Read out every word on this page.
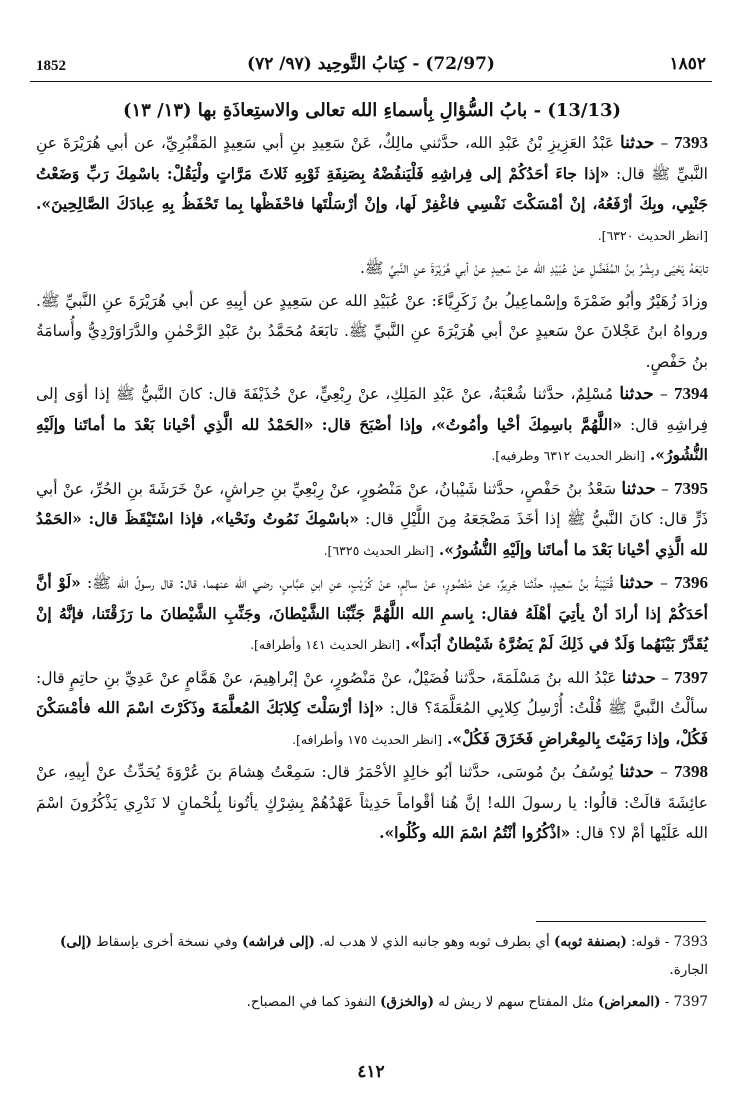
1852	(72/97) - كِتابُ التَّوحِيد (٩٧/ ٧٢)	١٨٥٢
(13/13) - بابُ السُّؤالِ بِأسماءِ الله تعالى والاستِعاذَةِ بها (١٣/ ١٣)

7393 – حدثنا عَبْدُ العَزِيزِ بْنُ عَبْدِ الله، حدَّثني مالِكٌ، عَنْ سَعِيدِ بنِ أبي سَعِيدٍ المَقْبُرِيِّ، عن أبي هُرَيْرَةَ عنِ النَّبيِّ ﷺ قال: «إذا جاءَ أحَدُكُمْ إلى فِراشِهِ فَلْيَنفُضْهُ بِصَنِفَةِ ثَوْبِهِ ثَلاثَ مَرَّاتٍ ولْيَقُلْ: باسْمِكَ رَبِّ وَضَعْتُ جَنْبِي، وبِكَ أرْفَعُهُ، إنْ أمْسَكْتَ نَفْسِي فاغْفِرْ لَها، وإنْ أرْسَلْتَها فاحْفَظْها بِما تَحْفَظُ بِهِ عِبادَكَ الصَّالِحِينَ». [انظر الحديث ٦٣٢٠].

تابَعَهُ يَحْيَى وبِشْرُ بنُ المُفَضَّلِ عنْ عُبَيْدِ الله عنْ سَعِيدٍ عنْ أبي هُرَيْرَةَ عنِ النَّبيِّ ﷺ.

وزادَ زُهَيْرٌ وأبُو ضَمْرَةَ وإسْماعِيلُ بنُ زَكَرِيَّاءَ: عنْ عُبَيْدِ الله عن سَعِيدٍ عن أبِيهِ عن أبي هُرَيْرَةَ عنِ النَّبيِّ ﷺ. ورواهُ ابنُ عَجْلانَ عنْ سَعيدٍ عنْ أبي هُرَيْرَةَ عنِ النَّبيِّ ﷺ. تابَعَهُ مُحَمَّدُ بنُ عَبْدِ الرَّحْمٰنِ والدَّرَاوَرْدِيُّ وأُسامَةُ بنُ حَفْصٍ.

7394 – حدثنا مُسْلِمٌ، حدَّثنا شُعْبَةُ، عنْ عَبْدِ المَلِكِ، عنْ رِبْعِيٍّ، عنْ حُذَيْفَةَ قال: كانَ النَّبيُّ ﷺ إذا أوَى إلى فِراشِهِ قال: «اللَّهُمَّ باسِمِكَ أحْيا وأمُوتُ»، وإذا أصْبَحَ قال: «الحَمْدُ لله الَّذِي أحْيانا بَعْدَ ما أماتَنا وإلَيْهِ النُّشُورُ». [انظر الحديث ٦٣١٢ وطرفيه].

7395 – حدثنا سَعْدُ بنُ حَفْصٍ، حدَّثنا شَيْبانُ، عنْ مَنْصُورٍ، عنْ رِبْعِيِّ بنِ حِراشٍ، عنْ خَرَشَةَ بنِ الحُرِّ، عنْ أبي ذَرٍّ قال: كانَ النَّبيُّ ﷺ إذا أخَذَ مَضْجَعَهُ مِنَ اللَّيْلِ قال: «باسْمِكَ نَمُوتُ ونَحْيا»، فإذا اسْتَيْقَظَ قال: «الحَمْدُ لله الَّذِي أحْيانا بَعْدَ ما أماتَنا وإلَيْهِ النُّشُورُ». [انظر الحديث ٦٣٢٥].

7396 – حدثنا قُتَيْبَةُ بنُ سَعِيدٍ، حدَّثنا جَرِيرٌ، عنْ مَنْصُورٍ، عنْ سالِمٍ، عنْ كُرَيْبٍ، عنِ ابنِ عبَّاسٍ، رضي الله عنهما، قال: قال رسولُ الله ﷺ: «لَوْ أنَّ أحَدَكُمْ إذا أرادَ أنْ يأتِيَ أهْلَهُ فقال: بِاسمِ الله اللَّهُمَّ جَنِّبْنا الشَّيْطانَ، وجَنِّبِ الشَّيْطانَ ما رَزَقْتَنا، فإنَّهُ إنْ يُقَدَّرْ بَيْنَهُما وَلَدٌ في ذَلِكَ لَمْ يَضُرَّهُ شَيْطانٌ أبَداً». [انظر الحديث ١٤١ وأطرافه].

7397 – حدثنا عَبْدُ الله بنُ مَسْلَمَةَ، حدَّثنا فُضَيْلٌ، عنْ مَنْصُورٍ، عنْ إبْراهِيمَ، عنْ هَمَّامٍ عنْ عَدِيِّ بنِ حاتِمٍ قال: سألْتُ النَّبيَّ ﷺ قُلْتُ: أُرْسِلُ كِلابِي المُعَلَّمَةَ؟ قال: «إذا أرْسَلْتَ كِلابَكَ المُعلَّمَةَ وذَكَرْتَ اسْمَ الله فأمْسَكْنَ فَكُلْ، وإذا رَمَيْتَ بِالمِعْراضِ فَخَزَقَ فَكُلْ». [انظر الحديث ١٧٥ وأطرافه].

7398 – حدثنا يُوسُفُ بنُ مُوسَى، حدَّثنا أبُو خالِدٍ الأحْمَرُ قال: سَمِعْتُ هِشامَ بنَ عُرْوَةَ يُحَدِّثُ عنْ أبِيهِ، عنْ عائِشَةَ قالَتْ: قالُوا: يا رسولَ الله! إنَّ هُنا أقْواماً حَدِيثاً عَهْدُهُمْ بِشِرْكٍ يأتُونا بِلُحْمانٍ لا نَدْرِي يَذْكُرُونَ اسْمَ الله عَلَيْها أمْ لا؟ قال: «اذْكُرُوا أنْتُمُ اسْمَ الله وكُلُوا».

7393 - قوله: (بصنفة ثوبه) أي بطرف ثوبه وهو جانبه الذي لا هدب له. (إلى فراشه) وفي نسخة أخرى بإسقاط (إلى) الجارة.
7397 - (المعراض) مثل المفتاح سهم لا ريش له (والخزق) النفوذ كما في المصباح.
٤١٢
